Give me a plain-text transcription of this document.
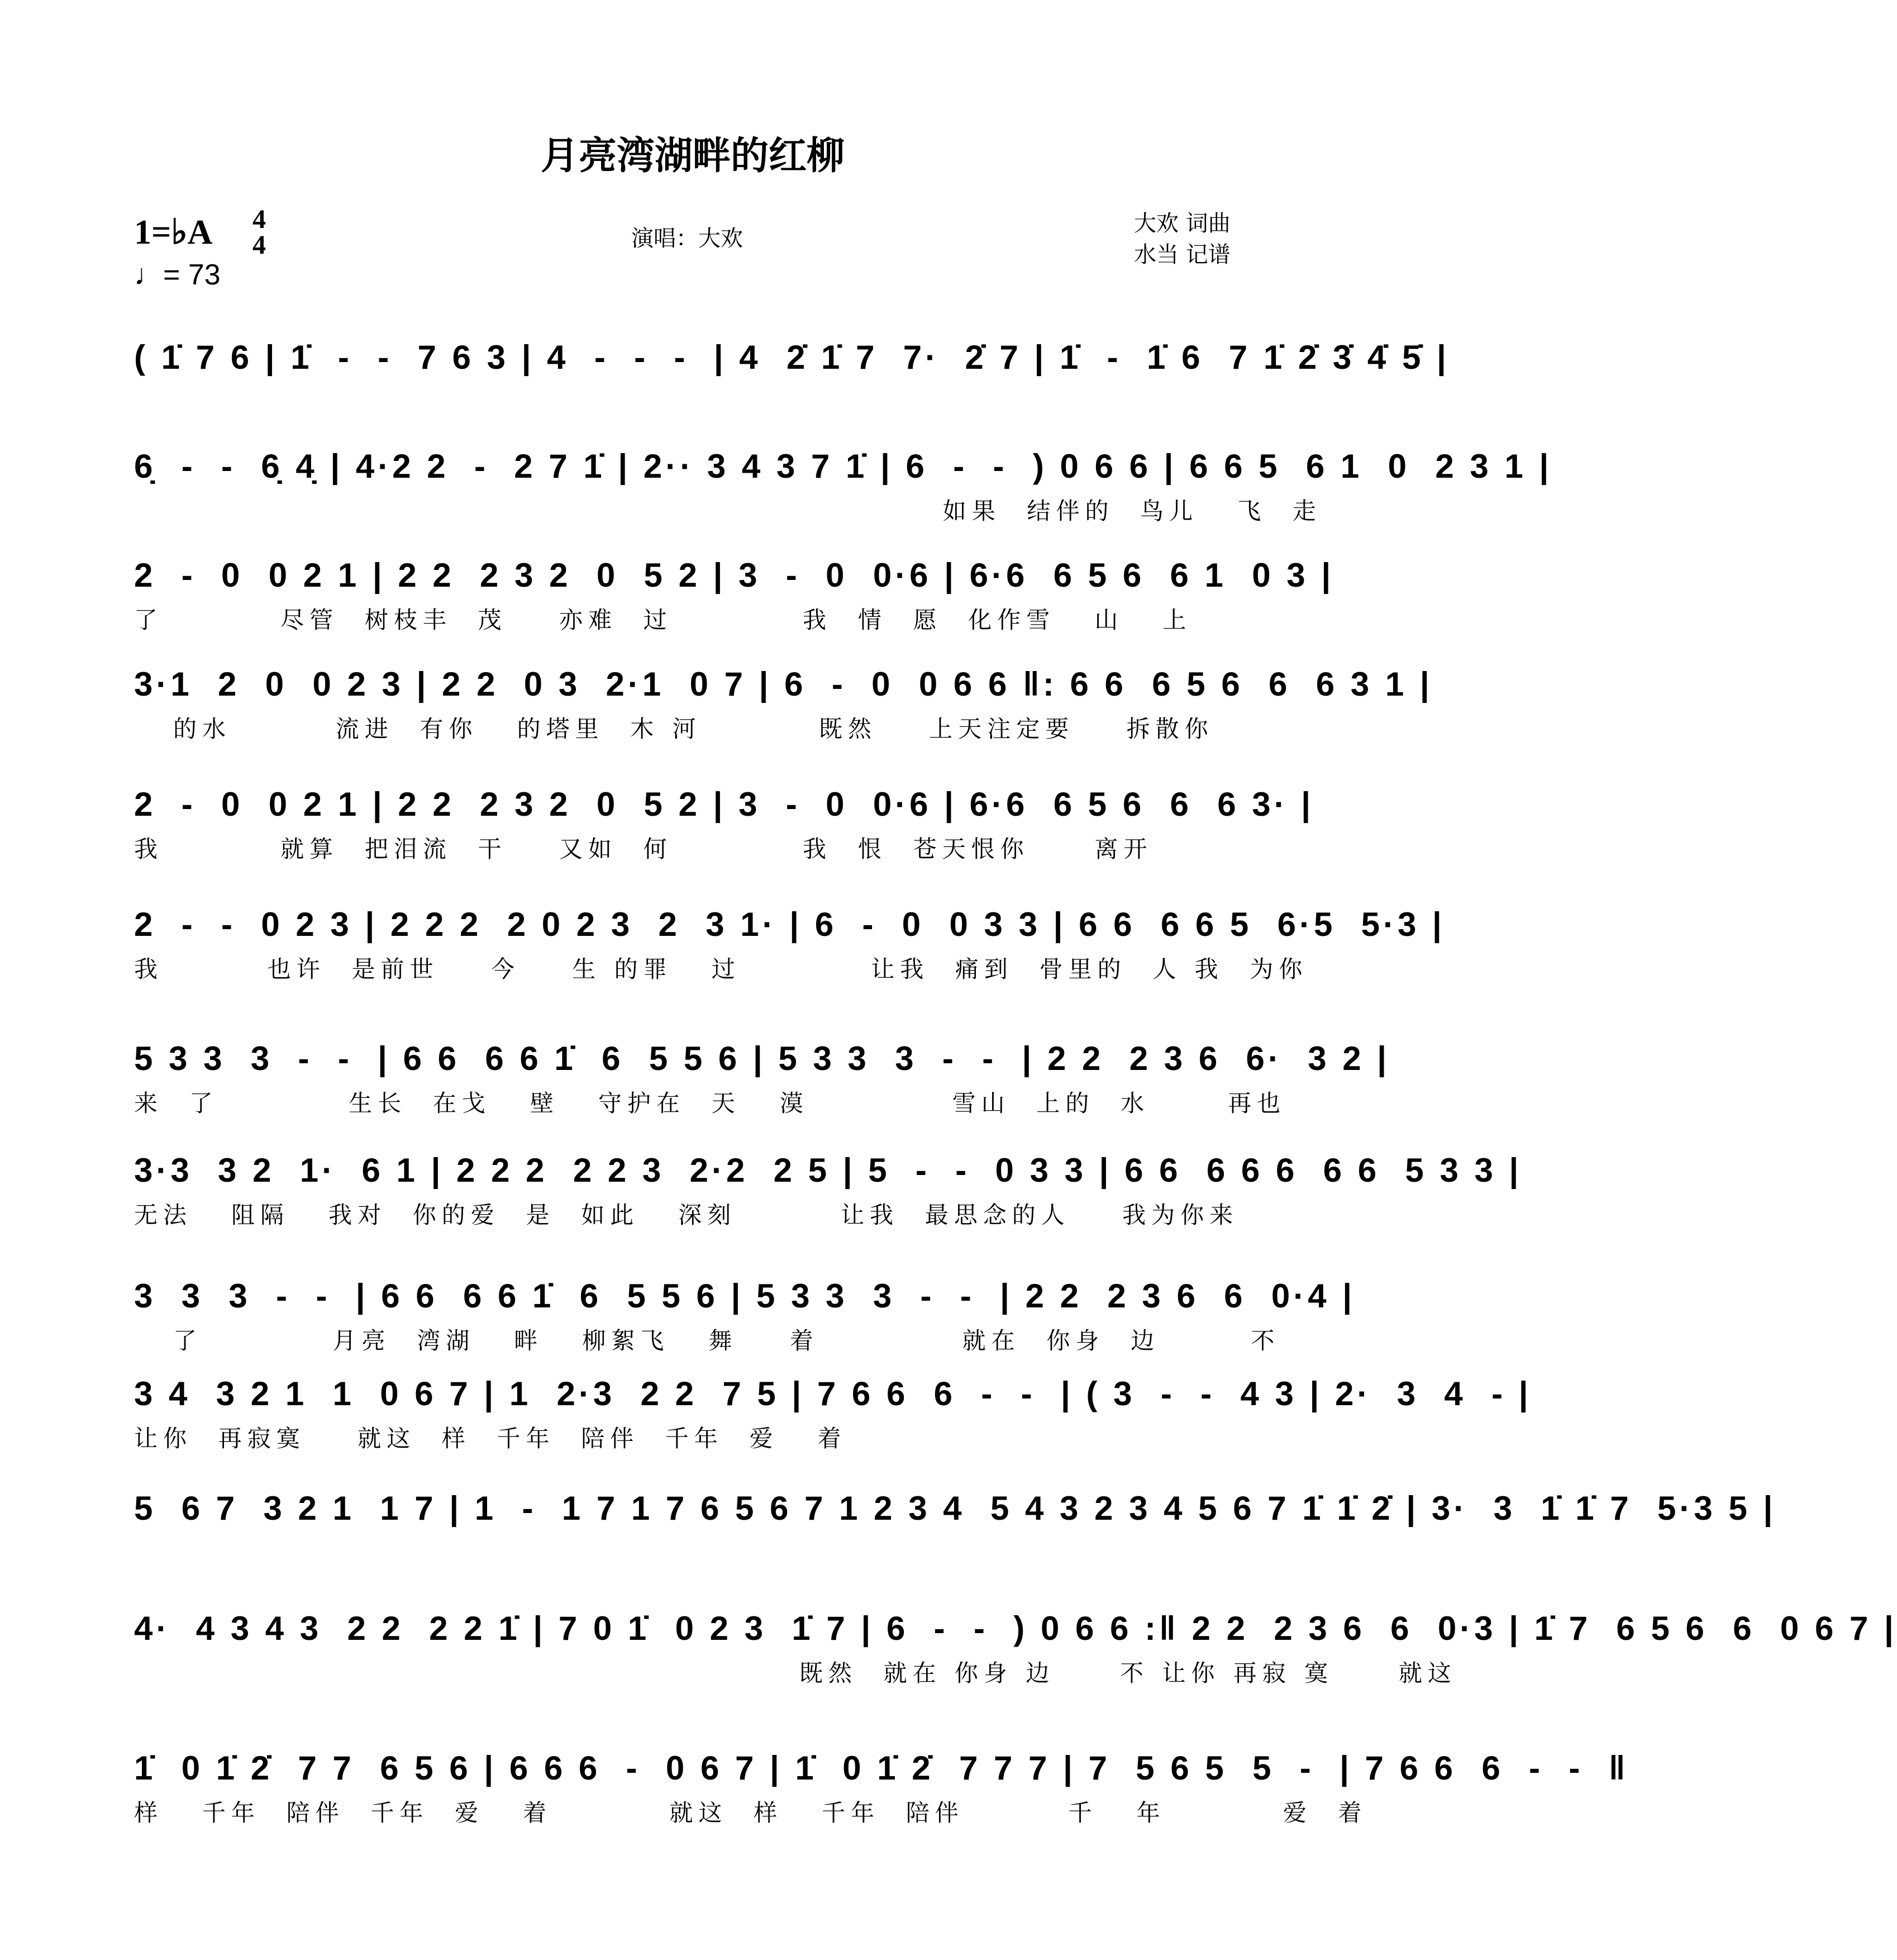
月亮湾湖畔的红柳
1=♭A 4
4
♩= 73
演唱：大欢
大欢 词曲
水当 记谱
( 1̇ 7 6 | 1̇  -  -  7 6 3 | 4  -  -  -  | 4  2̇ 1̇ 7  7·  2̇ 7 | 1̇  -  1̇ 6  7 1̇ 2̇ 3̇ 4̇ 5̇ |
6̣  -  -  6̣ 4̣ | 4·2 2  -  2 7 1̇ | 2·· 3 4 3 7 1̇ | 6  -  -  ) 0 6 6 | 6 6 5  6 1  0  2 3 1 |
如果  结伴的  鸟儿   飞  走
2  -  0  0 2 1 | 2 2  2 3 2  0  5 2 | 3  -  0  0·6 | 6·6  6 5 6  6 1  0 3 |
了         尽管  树枝丰  茂    亦难  过          我  情  愿  化作雪   山   上
3·1  2  0  0 2 3 | 2 2  0 3  2·1  0 7 | 6  -  0  0 6 6 ‖: 6 6  6 5 6  6  6 3 1 |
的水        流进  有你   的塔里  木 河         既然    上天注定要    拆散你
2  -  0  0 2 1 | 2 2  2 3 2  0  5 2 | 3  -  0  0·6 | 6·6  6 5 6  6  6 3· |
我         就算  把泪流  干    又如  何          我  恨  苍天恨你     离开
2  -  -  0 2 3 | 2 2 2  2 0 2 3  2  3 1· | 6  -  0  0 3 3 | 6 6  6 6 5  6·5  5·3 |
我        也许  是前世    今    生 的罪   过          让我  痛到  骨里的  人 我  为你
5 3 3  3  -  -  | 6 6  6 6 1̇  6  5 5 6 | 5 3 3  3  -  -  | 2 2  2 3 6  6·  3 2 |
来  了          生长  在戈   壁   守护在  天   漠           雪山  上的  水      再也
3·3  3 2  1·  6 1 | 2 2 2  2 2 3  2·2  2 5 | 5  -  -  0 3 3 | 6 6  6 6 6  6 6  5 3 3 |
无法   阻隔   我对  你的爱  是  如此   深刻        让我  最思念的人    我为你来
3  3  3  -  -  | 6 6  6 6 1̇  6  5 5 6 | 5 3 3  3  -  -  | 2 2  2 3 6  6  0·4 |
了          月亮  湾湖   畔   柳絮飞   舞    着           就在  你身  边       不
3 4  3 2 1  1  0 6 7 | 1  2·3  2 2  7 5 | 7 6 6  6  -  -  | ( 3  -  -  4 3 | 2·  3  4  - |
让你  再寂寞    就这  样  千年  陪伴  千年  爱   着
5  6 7  3 2 1  1 7 | 1  -  1 7 1 7 6 5 6 7 1 2 3 4  5 4 3 2 3 4 5 6 7 1̇ 1̇ 2̇ | 3·  3  1̇ 1̇ 7  5·3 5 |
4·  4 3 4 3  2 2  2 2 1̇ | 7 0 1̇  0 2 3  1̇ 7 | 6  -  -  ) 0 6 6 :‖ 2 2  2 3 6  6  0·3 | 1̇ 7  6 5 6  6  0 6 7 |
既然  就在 你身 边     不 让你 再寂 寞     就这
1̇  0 1̇ 2̇  7 7  6 5 6 | 6 6 6  -  0 6 7 | 1̇  0 1̇ 2̇  7 7 7 | 7  5 6 5  5  -  | 7 6 6  6  -  -  ‖
样   千年  陪伴  千年  爱   着         就这  样   千年  陪伴        千   年         爱  着
